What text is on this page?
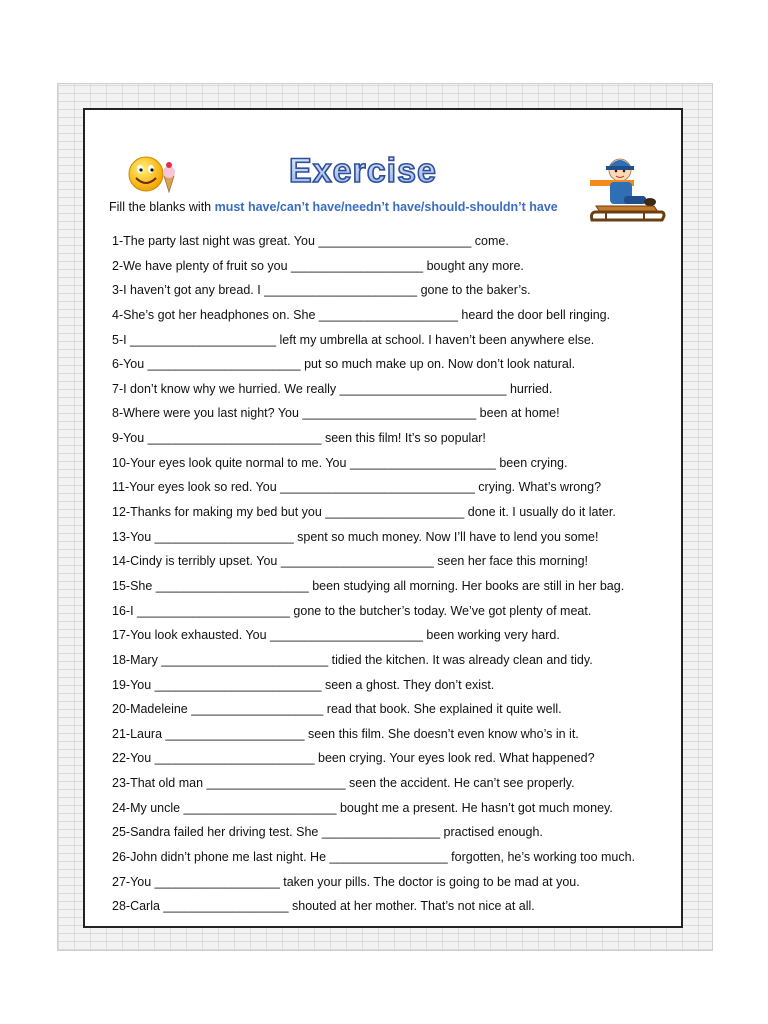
Exercise
Fill the blanks with must have/can’t have/needn’t have/should-shouldn’t have
1-The party last night was great. You ______________________ come.
2-We have plenty of fruit so you ___________________ bought any more.
3-I haven’t got any bread. I ______________________ gone to the baker’s.
4-She’s got her headphones on. She ____________________ heard the door bell ringing.
5-I _____________________ left my umbrella at school. I haven’t been anywhere else.
6-You ______________________ put so much make up on. Now don’t look natural.
7-I don’t know why we hurried. We really ________________________ hurried.
8-Where were you last night? You _________________________ been at home!
9-You _________________________ seen this film! It’s so popular!
10-Your eyes look quite normal to me. You _____________________ been crying.
11-Your eyes look so red. You ____________________________ crying. What’s wrong?
12-Thanks for making my bed but you ____________________ done it. I usually do it later.
13-You ____________________ spent so much money. Now I’ll have to lend you some!
14-Cindy is terribly upset. You ______________________ seen her face this morning!
15-She ______________________ been studying all morning. Her books are still in her bag.
16-I ______________________ gone to the butcher’s today. We’ve got plenty of meat.
17-You look exhausted. You ______________________ been working very hard.
18-Mary ________________________ tidied the kitchen. It was already clean and tidy.
19-You ________________________ seen a ghost. They don’t exist.
20-Madeleine ___________________ read that book. She explained it quite well.
21-Laura ____________________ seen this film. She doesn’t even know who’s in it.
22-You _______________________ been crying. Your eyes look red. What happened?
23-That old man ____________________ seen the accident. He can’t see properly.
24-My uncle ______________________ bought me a present. He hasn’t got much money.
25-Sandra failed her driving test. She _________________ practised enough.
26-John didn’t phone me last night. He _________________ forgotten, he’s working too much.
27-You __________________ taken your pills. The doctor is going to be mad at you.
28-Carla __________________ shouted at her mother. That’s not nice at all.
